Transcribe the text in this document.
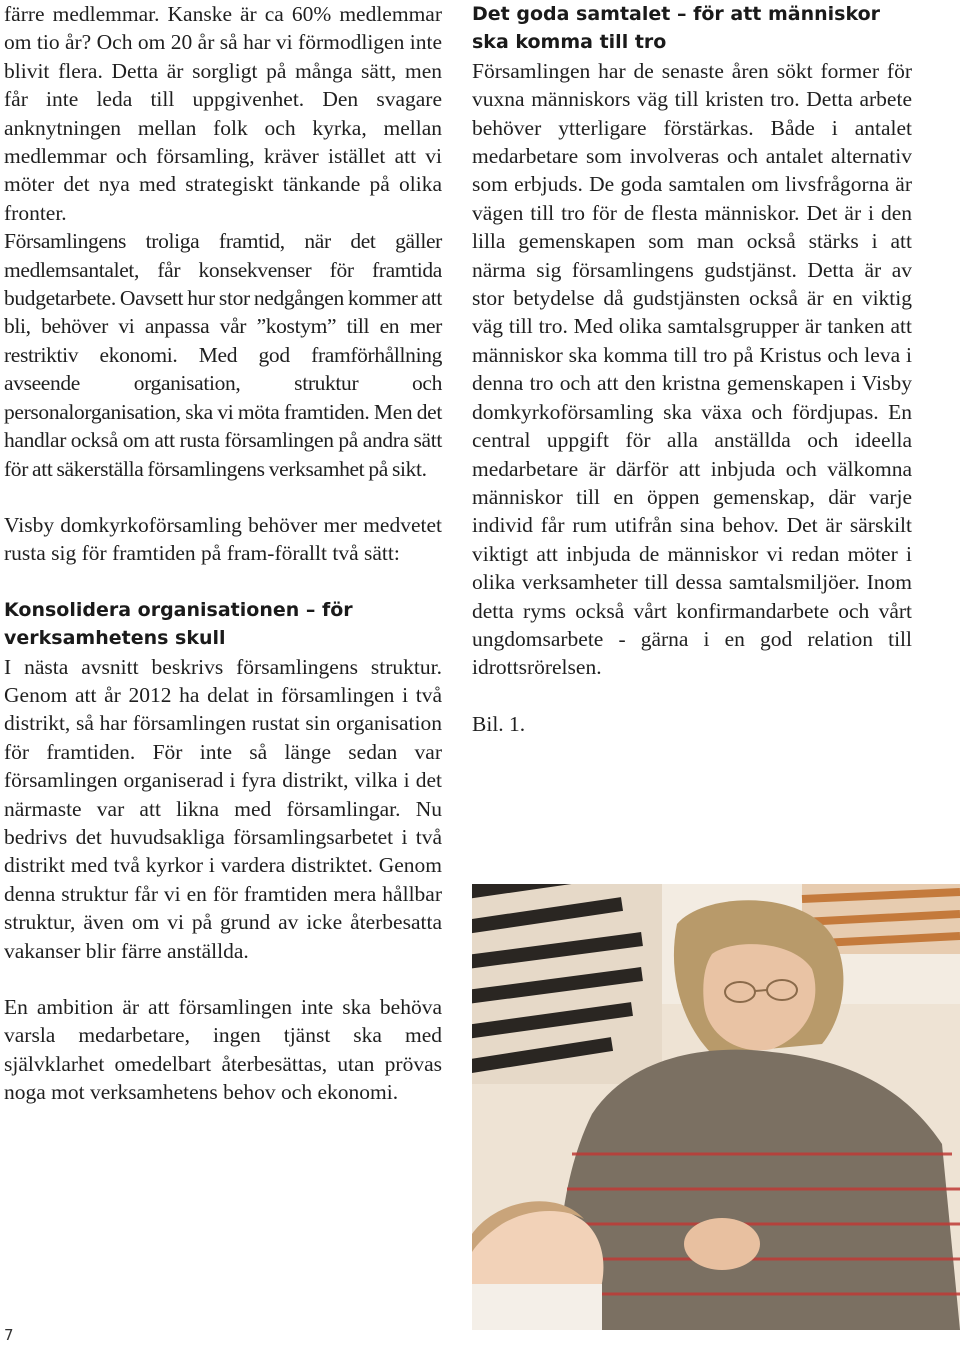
färre medlemmar. Kanske är ca 60% medlemmar om tio år? Och om 20 år så har vi förmodligen inte blivit flera. Detta är sorgligt på många sätt, men får inte leda till uppgivenhet. Den svagare anknytningen mellan folk och kyrka, mellan medlemmar och församling, kräver istället att vi möter det nya med strategiskt tänkande på olika fronter.

Församlingens troliga framtid, när det gäller medlemsantalet, får konsekvenser för framtida budgetarbete. Oavsett hur stor nedgången kommer att bli, behöver vi anpassa vår ”kostym” till en mer restriktiv ekonomi. Med god framförhållning avseende organisation, struktur och personalorganisation, ska vi möta framtiden. Men det handlar också om att rusta församlingen på andra sätt för att säkerställa församlingens verksamhet på sikt.

Visby domkyrkoförsamling behöver mer medvetet rusta sig för framtiden på fram-förallt två sätt:

Konsolidera organisationen – för verksamhetens skull

I nästa avsnitt beskrivs församlingens struktur. Genom att år 2012 ha delat in församlingen i två distrikt, så har församlingen rustat sin organisation för framtiden. För inte så länge sedan var församlingen organiserad i fyra distrikt, vilka i det närmaste var att likna med församlingar. Nu bedrivs det huvudsakliga församlingsarbetet i två distrikt med två kyrkor i vardera distriktet. Genom denna struktur får vi en för framtiden mera hållbar struktur, även om vi på grund av icke återbesatta vakanser blir färre anställda.

En ambition är att församlingen inte ska behöva varsla medarbetare, ingen tjänst ska med självklarhet omedelbart återbesättas, utan prövas noga mot verksamhetens behov och ekonomi.

Det goda samtalet – för att människor ska komma till tro

Församlingen har de senaste åren sökt former för vuxna människors väg till kristen tro. Detta arbete behöver ytterligare förstärkas. Både i antalet medarbetare som involveras och antalet alternativ som erbjuds. De goda samtalen om livsfrågorna är vägen till tro för de flesta människor. Det är i den lilla gemenskapen som man också stärks i att närma sig församlingens gudstjänst. Detta är av stor betydelse då gudstjänsten också är en viktig väg till tro. Med olika samtalsgrupper är tanken att människor ska komma till tro på Kristus och leva i denna tro och att den kristna gemenskapen i Visby domkyrkoförsamling ska växa och fördjupas. En central uppgift för alla anställda och ideella medarbetare är därför att inbjuda och välkomna människor till en öppen gemenskap, där varje individ får rum utifrån sina behov. Det är särskilt viktigt att inbjuda de människor vi redan möter i olika verksamheter till dessa samtalsmiljöer. Inom detta ryms också vårt konfirmandarbete och vårt ungdomsarbete - gärna i en god relation till idrottsrörelsen.

Bil. 1.

7
